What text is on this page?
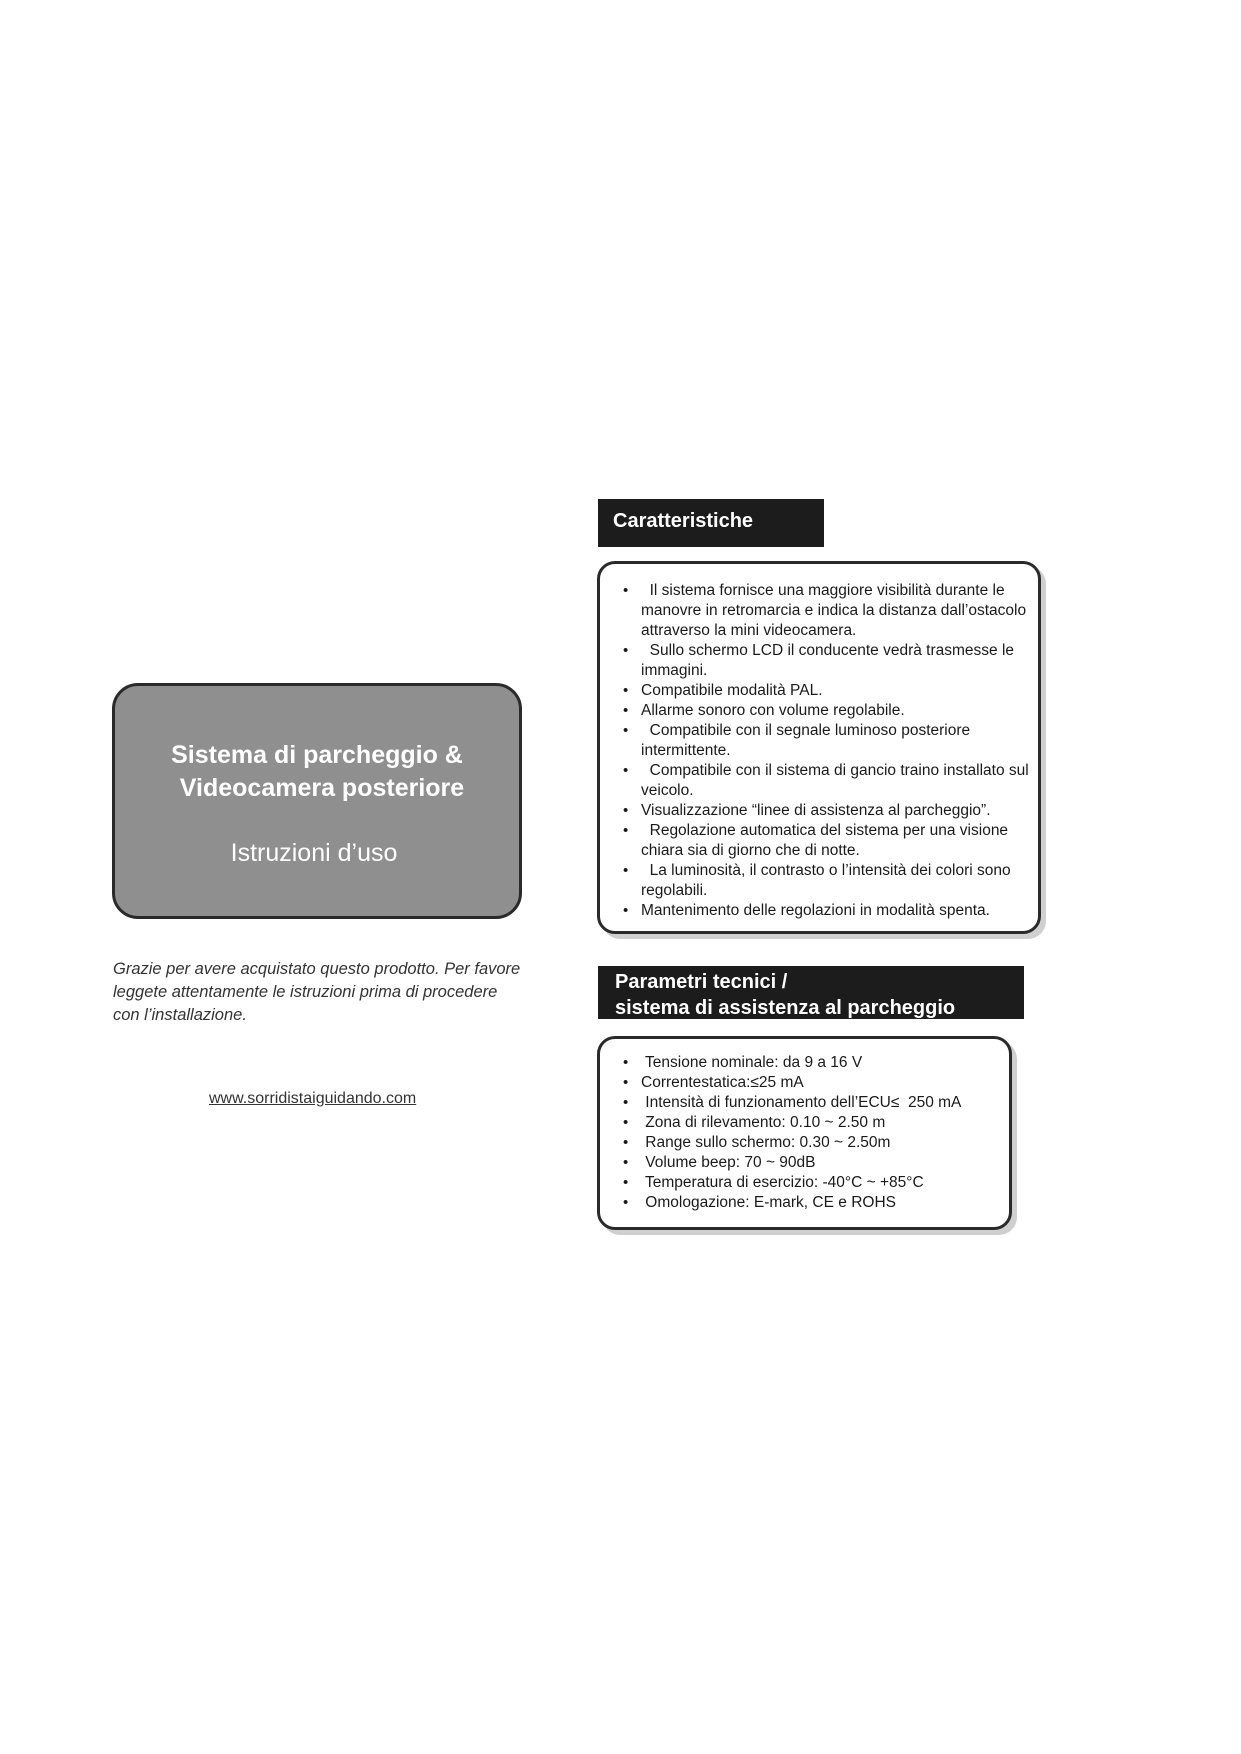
Sistema di parcheggio &
Videocamera posteriore
Istruzioni d’uso
Grazie per avere acquistato questo prodotto. Per favore leggete attentamente le istruzioni prima di procedere con l’installazione.
www.sorridistaiguidando.com
Caratteristiche
• Il sistema fornisce una maggiore visibilità durante le manovre in retromarcia e indica la distanza dall’ostacolo attraverso la mini videocamera.
• Sullo schermo LCD il conducente vedrà trasmesse le immagini.
• Compatibile modalità PAL.
• Allarme sonoro con volume regolabile.
• Compatibile con il segnale luminoso posteriore intermittente.
• Compatibile con il sistema di gancio traino installato sul veicolo.
• Visualizzazione “linee di assistenza al parcheggio”.
• Regolazione automatica del sistema per una visione chiara sia di giorno che di notte.
• La luminosità, il contrasto o l’intensità dei colori sono regolabili.
• Mantenimento delle regolazioni in modalità spenta.
Parametri tecnici /
sistema di assistenza al parcheggio
• Tensione nominale: da 9 a 16 V
• Correntestatica:≤25 mA
• Intensità di funzionamento dell’ECU≤  250 mA
• Zona di rilevamento: 0.10 ~ 2.50 m
• Range sullo schermo: 0.30 ~ 2.50m
• Volume beep: 70 ~ 90dB
• Temperatura di esercizio: -40°C ~ +85°C
• Omologazione: E-mark, CE e ROHS
